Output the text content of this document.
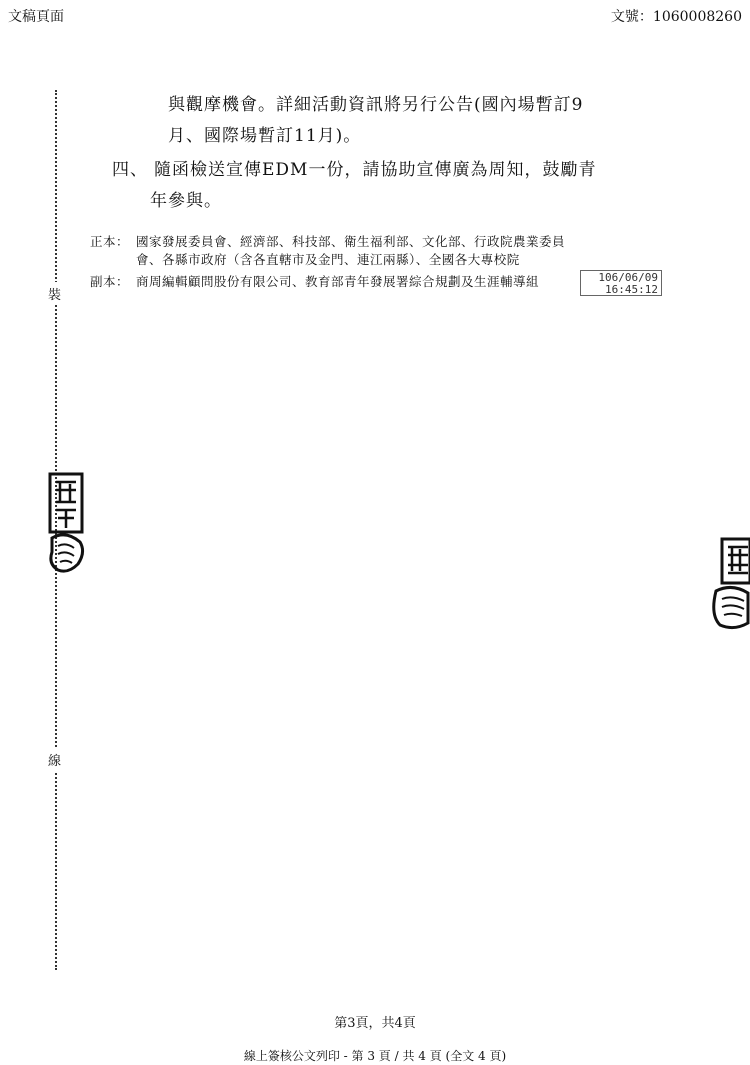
文稿頁面	文號：1060008260
裝
線
與觀摩機會。詳細活動資訊將另行公告(國內場暫訂9
月、國際場暫訂11月)。
四、 隨函檢送宣傳EDM一份，請協助宣傳廣為周知，鼓勵青
年參與。
正本： 國家發展委員會、經濟部、科技部、衛生福利部、文化部、行政院農業委員
會、各縣市政府（含各直轄市及金門、連江兩縣）、全國各大專校院
副本： 商周編輯顧問股份有限公司、教育部青年發展署綜合規劃及生涯輔導組	106/06/09
16:45:12
第3頁，共4頁
線上簽核公文列印 - 第 3 頁 / 共 4 頁 (全文 4 頁)
